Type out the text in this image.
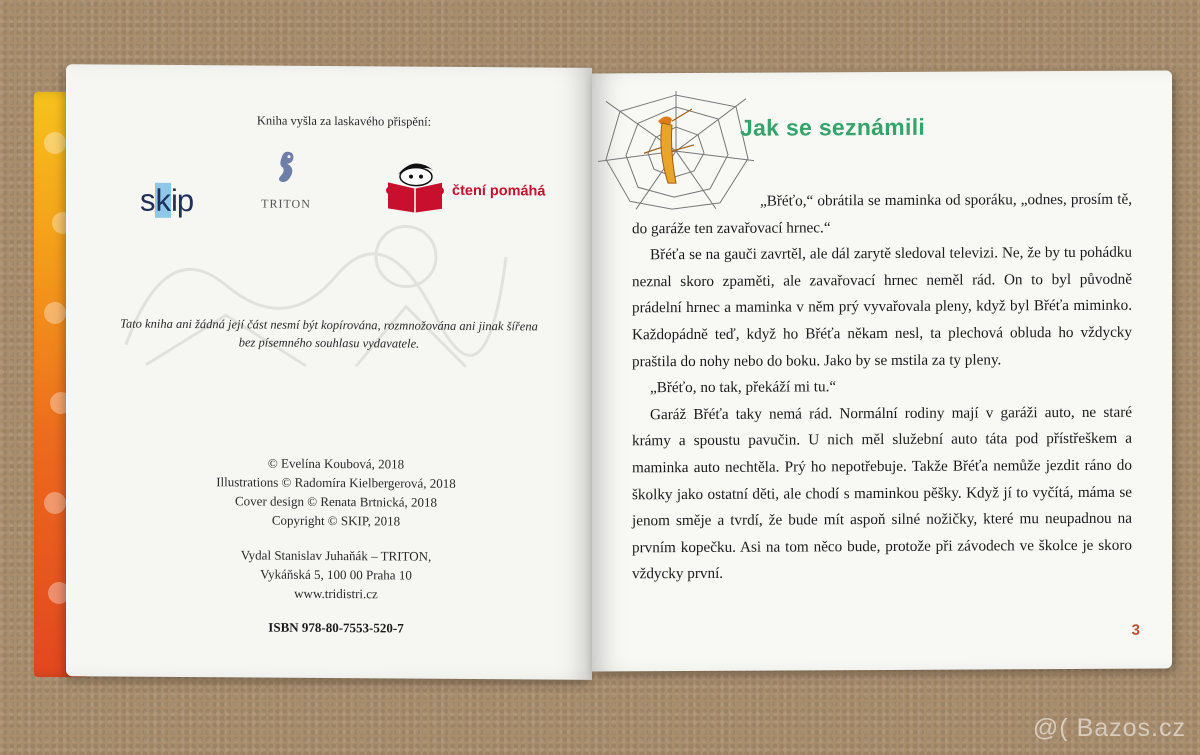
Kniha vyšla za laskavého přispění:
skip	TRITON
čtení pomáhá
Tato kniha ani žádná její část nesmí být kopírována, rozmnožována ani jinak šířena
bez písemného souhlasu vydavatele.
© Evelína Koubová, 2018
Illustrations © Radomíra Kielbergerová, 2018
Cover design © Renata Brtnická, 2018
Copyright © SKIP, 2018
Vydal Stanislav Juhaňák – TRITON,
Vykáňská 5, 100 00 Praha 10
www.tridistri.cz
ISBN 978-80-7553-520-7
Jak se seznámili

„Břéťo,“ obrátila se maminka od sporáku, „odnes, prosím tě, do garáže ten zavařovací hrnec.“

Břéťa se na gauči zavrtěl, ale dál zarytě sledoval televizi. Ne, že by tu pohádku neznal skoro zpaměti, ale zavařovací hrnec neměl rád. On to byl původně prádelní hrnec a maminka v něm prý vyvařovala pleny, když byl Břéťa miminko. Každopádně teď, když ho Břéťa někam nesl, ta plechová obluda ho vždycky praštila do nohy nebo do boku. Jako by se mstila za ty pleny.

„Břéťo, no tak, překáží mi tu.“

Garáž Břéťa taky nemá rád. Normální rodiny mají v garáži auto, ne staré krámy a spoustu pavučin. U nich měl služební auto táta pod přístřeškem a maminka auto nechtěla. Prý ho nepotřebuje. Takže Břéťa nemůže jezdit ráno do školky jako ostatní děti, ale chodí s maminkou pěšky. Když jí to vyčítá, máma se jenom směje a tvrdí, že bude mít aspoň silné nožičky, které mu neupadnou na prvním kopečku. Asi na tom něco bude, protože při závodech ve školce je skoro vždycky první.

3
@( Bazos.cz
